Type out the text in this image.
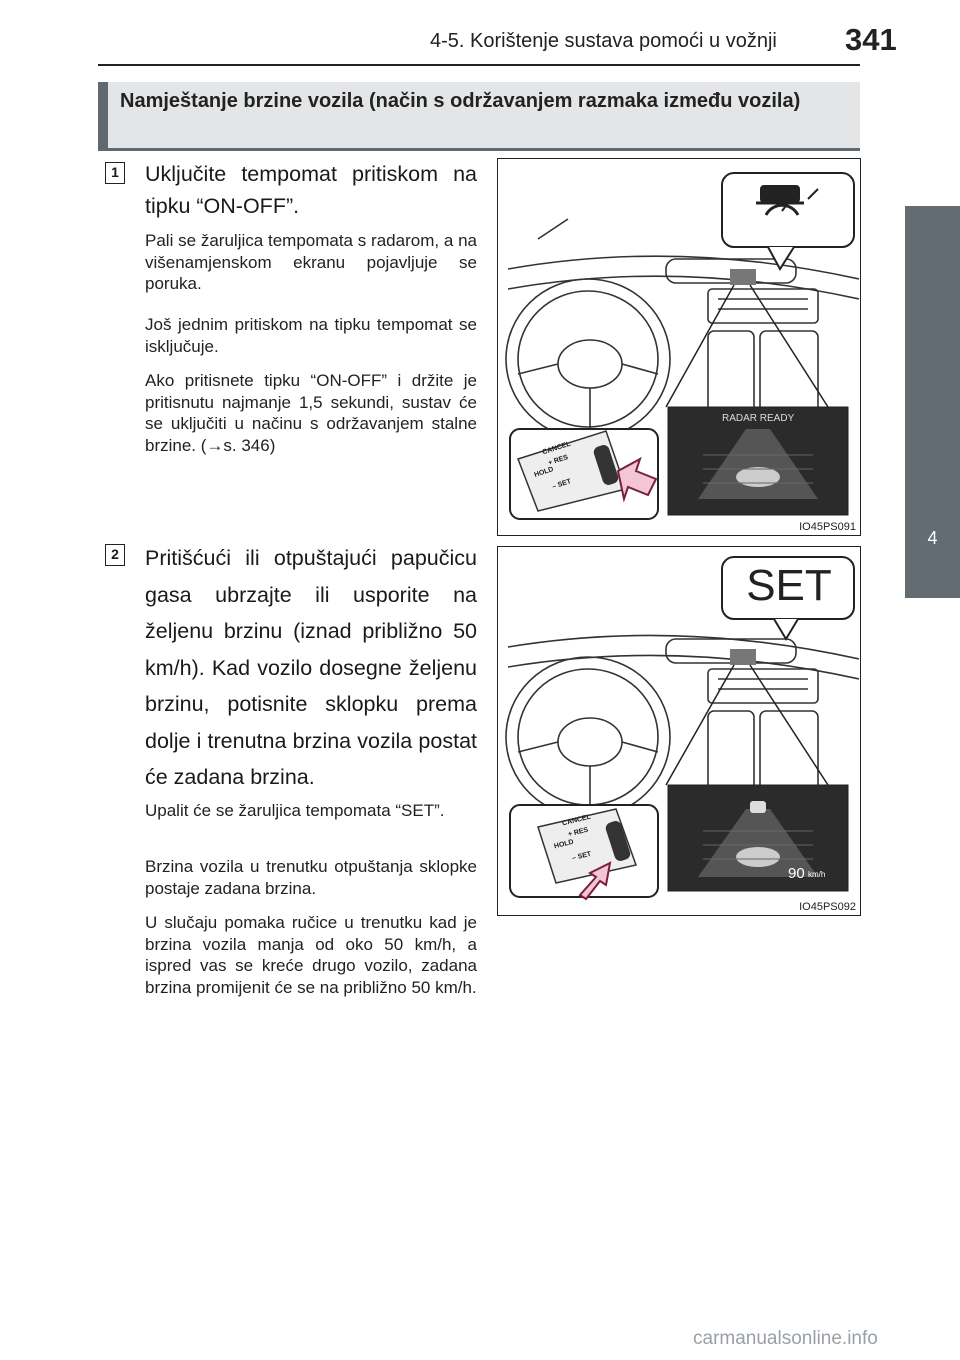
4-5. Korištenje sustava pomoći u vožnji 341
4
Vožnja
Namještanje brzine vozila (način s održavanjem razmaka između vozila)
1 Uključite tempomat pritiskom na tipku “ON-OFF”.
Pali se žaruljica tempomata s radarom, a na višenamjenskom ekranu pojavljuje se poruka.
Još jednim pritiskom na tipku tempomat se isključuje.
Ako pritisnete tipku “ON-OFF” i držite je pritisnutu najmanje 1,5 sekundi, sustav će se uključiti u načinu s održavanjem stalne brzine. (→s. 346)
RADAR READY
CANCEL
+ RES
HOLD
– SET
IO45PS091
2 Pritišćući ili otpuštajući papučicu gasa ubrzajte ili usporite na željenu brzinu (iznad približno 50 km/h). Kad vozilo dosegne željenu brzinu, potisnite sklopku prema dolje i trenutna brzina vozila postat će zadana brzina.
Upalit će se žaruljica tempomata “SET”.
Brzina vozila u trenutku otpuštanja sklopke postaje zadana brzina.
U slučaju pomaka ručice u trenutku kad je brzina vozila manja od oko 50 km/h, a ispred vas se kreće drugo vozilo, zadana brzina promijenit će se na približno 50 km/h.
SET
90 km/h
CANCEL
+ RES
HOLD
– SET
IO45PS092
carmanualsonline.info
